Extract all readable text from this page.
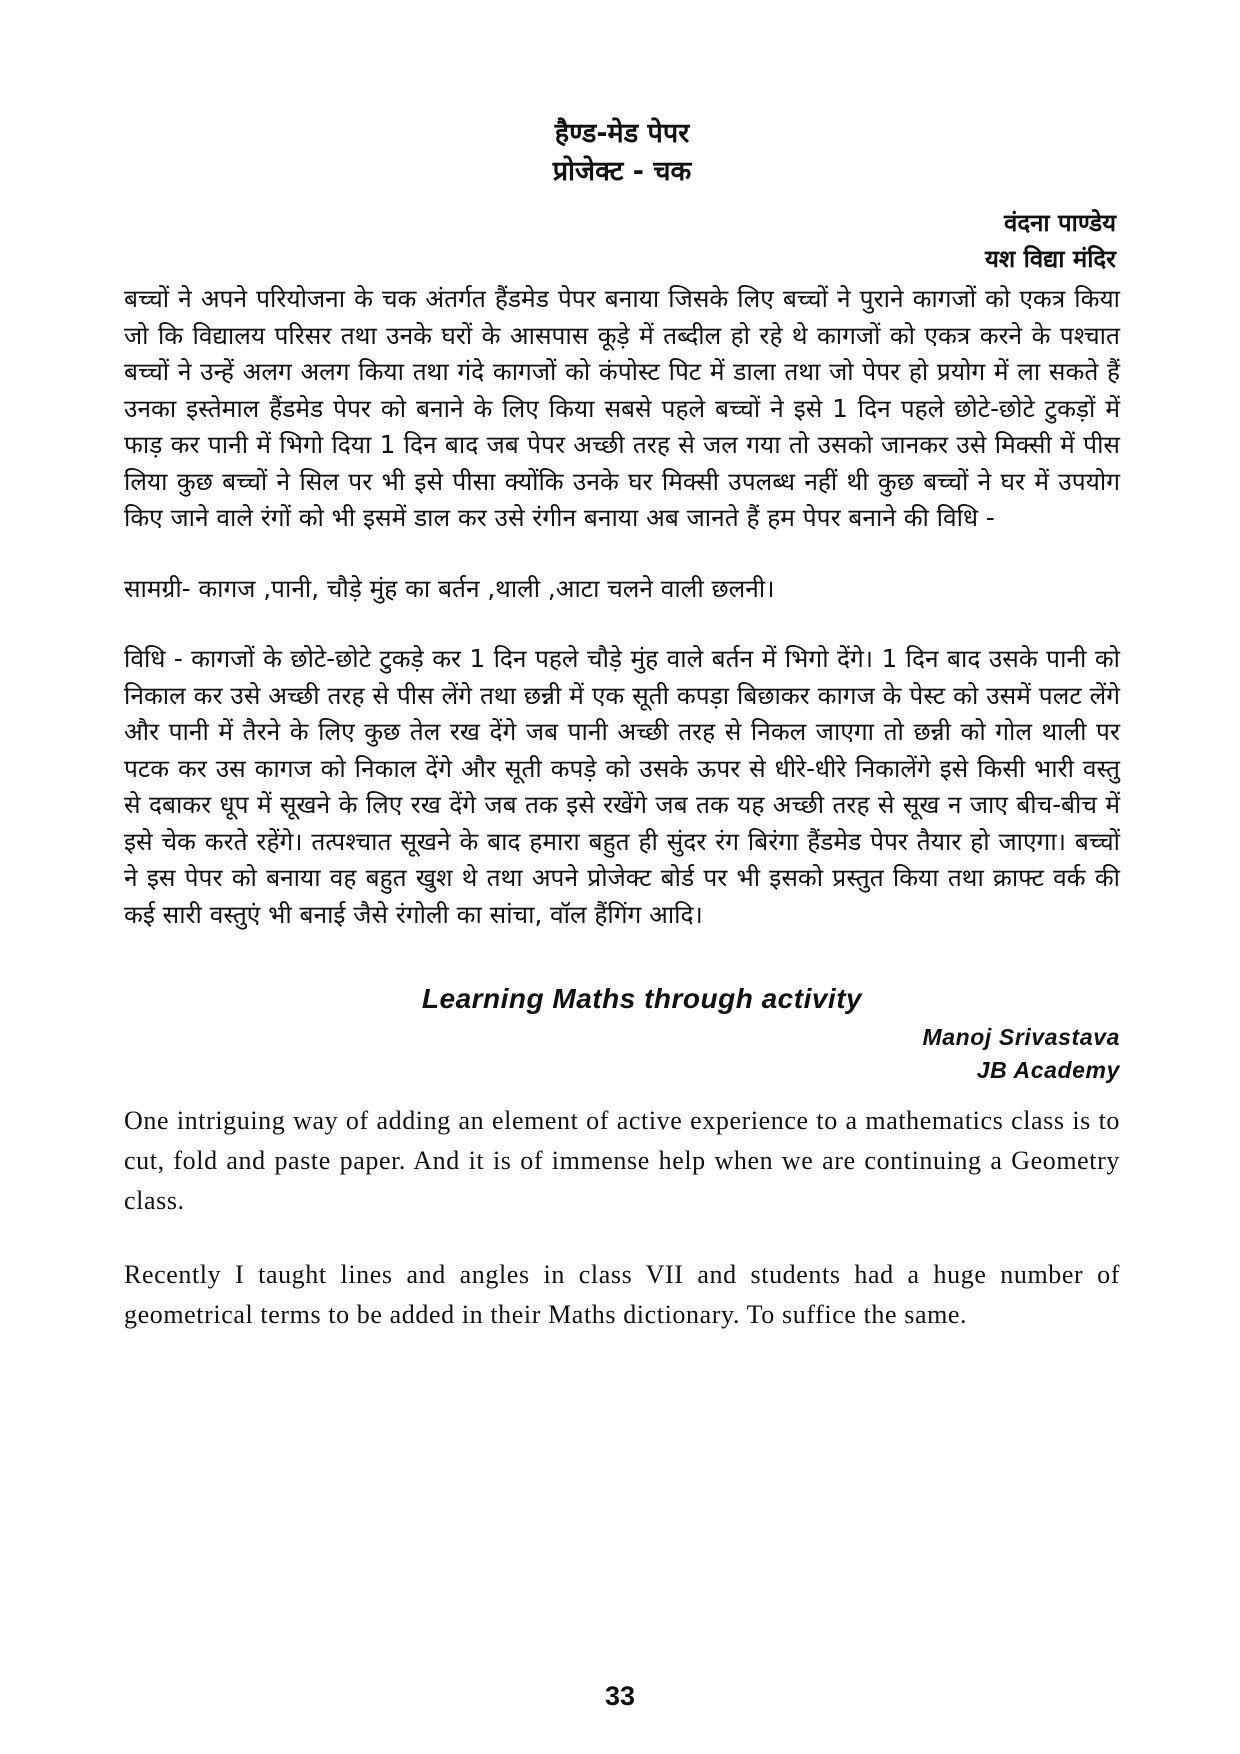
हैण्ड-मेड पेपर
प्रोजेक्ट - चक

वंदना पाण्डेय

यश विद्या मंदिर

बच्चों ने अपने परियोजना के चक अंतर्गत हैंडमेड पेपर बनाया जिसके लिए बच्चों ने पुराने कागजों को एकत्र किया जो कि विद्यालय परिसर तथा उनके घरों के आसपास कूड़े में तब्दील हो रहे थे कागजों को एकत्र करने के पश्चात बच्चों ने उन्हें अलग अलग किया तथा गंदे कागजों को कंपोस्ट पिट में डाला तथा जो पेपर हो प्रयोग में ला सकते हैं उनका इस्तेमाल हैंडमेड पेपर को बनाने के लिए किया सबसे पहले बच्चों ने इसे 1 दिन पहले छोटे-छोटे टुकड़ों में फाड़ कर पानी में भिगो दिया 1 दिन बाद जब पेपर अच्छी तरह से जल गया तो उसको जानकर उसे मिक्सी में पीस लिया कुछ बच्चों ने सिल पर भी इसे पीसा क्योंकि उनके घर मिक्सी उपलब्ध नहीं थी कुछ बच्चों ने घर में उपयोग किए जाने वाले रंगों को भी इसमें डाल कर उसे रंगीन बनाया अब जानते हैं हम पेपर बनाने की विधि -

सामग्री- कागज ,पानी, चौड़े मुंह का बर्तन ,थाली ,आटा चलने वाली छलनी।

विधि - कागजों के छोटे-छोटे टुकड़े कर 1 दिन पहले चौड़े मुंह वाले बर्तन में भिगो देंगे। 1 दिन बाद उसके पानी को निकाल कर उसे अच्छी तरह से पीस लेंगे तथा छन्नी में एक सूती कपड़ा बिछाकर कागज के पेस्ट को उसमें पलट लेंगे और पानी में तैरने के लिए कुछ तेल रख देंगे जब पानी अच्छी तरह से निकल जाएगा तो छन्नी को गोल थाली पर पटक कर उस कागज को निकाल देंगे और सूती कपड़े को उसके ऊपर से धीरे-धीरे निकालेंगे इसे किसी भारी वस्तु से दबाकर धूप में सूखने के लिए रख देंगे जब तक इसे रखेंगे जब तक यह अच्छी तरह से सूख न जाए बीच-बीच में इसे चेक करते रहेंगे। तत्पश्चात सूखने के बाद हमारा बहुत ही सुंदर रंग बिरंगा हैंडमेड पेपर तैयार हो जाएगा। बच्चों ने इस पेपर को बनाया वह बहुत खुश थे तथा अपने प्रोजेक्ट बोर्ड पर भी इसको प्रस्तुत किया तथा क्राफ्ट वर्क की कई सारी वस्तुएं भी बनाई जैसे रंगोली का सांचा, वॉल हैंगिंग आदि।

Learning Maths through activity

Manoj Srivastava

JB Academy

One intriguing way of adding an element of active experience to a mathematics class is to cut, fold and paste paper. And it is of immense help when we are continuing a Geometry class.

Recently I taught lines and angles in class VII and students had a huge number of geometrical terms to be added in their Maths dictionary. To suffice the same.

33
